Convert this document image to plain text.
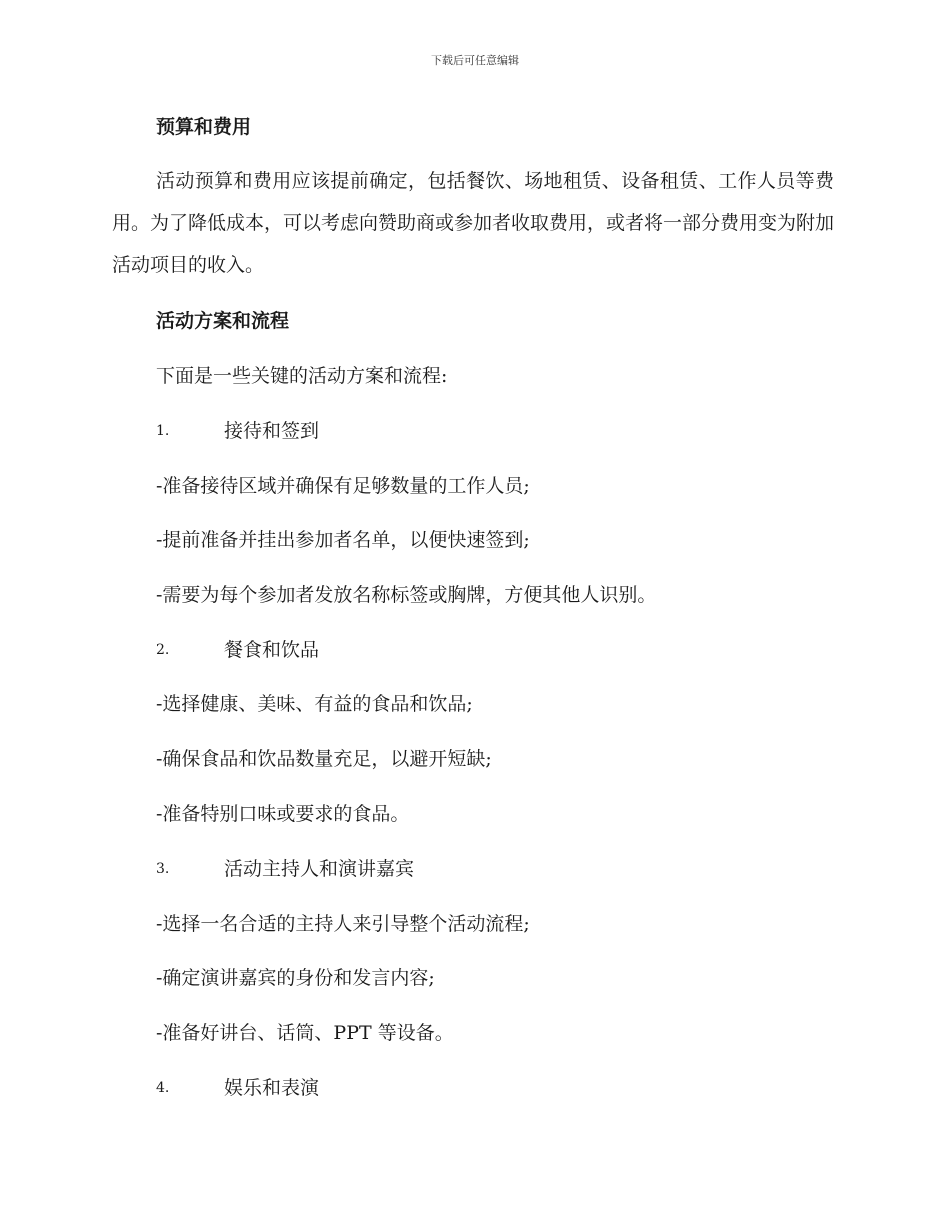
下载后可任意编辑
预算和费用
活动预算和费用应该提前确定，包括餐饮、场地租赁、设备租赁、工作人员等费用。为了降低成本，可以考虑向赞助商或参加者收取费用，或者将一部分费用变为附加活动项目的收入。
活动方案和流程
下面是一些关键的活动方案和流程:
1.	接待和签到
-准备接待区域并确保有足够数量的工作人员;
-提前准备并挂出参加者名单，以便快速签到;
-需要为每个参加者发放名称标签或胸牌，方便其他人识别。
2.	餐食和饮品
-选择健康、美味、有益的食品和饮品;
-确保食品和饮品数量充足，以避开短缺;
-准备特别口味或要求的食品。
3.	活动主持人和演讲嘉宾
-选择一名合适的主持人来引导整个活动流程;
-确定演讲嘉宾的身份和发言内容;
-准备好讲台、话筒、PPT 等设备。
4.	娱乐和表演
